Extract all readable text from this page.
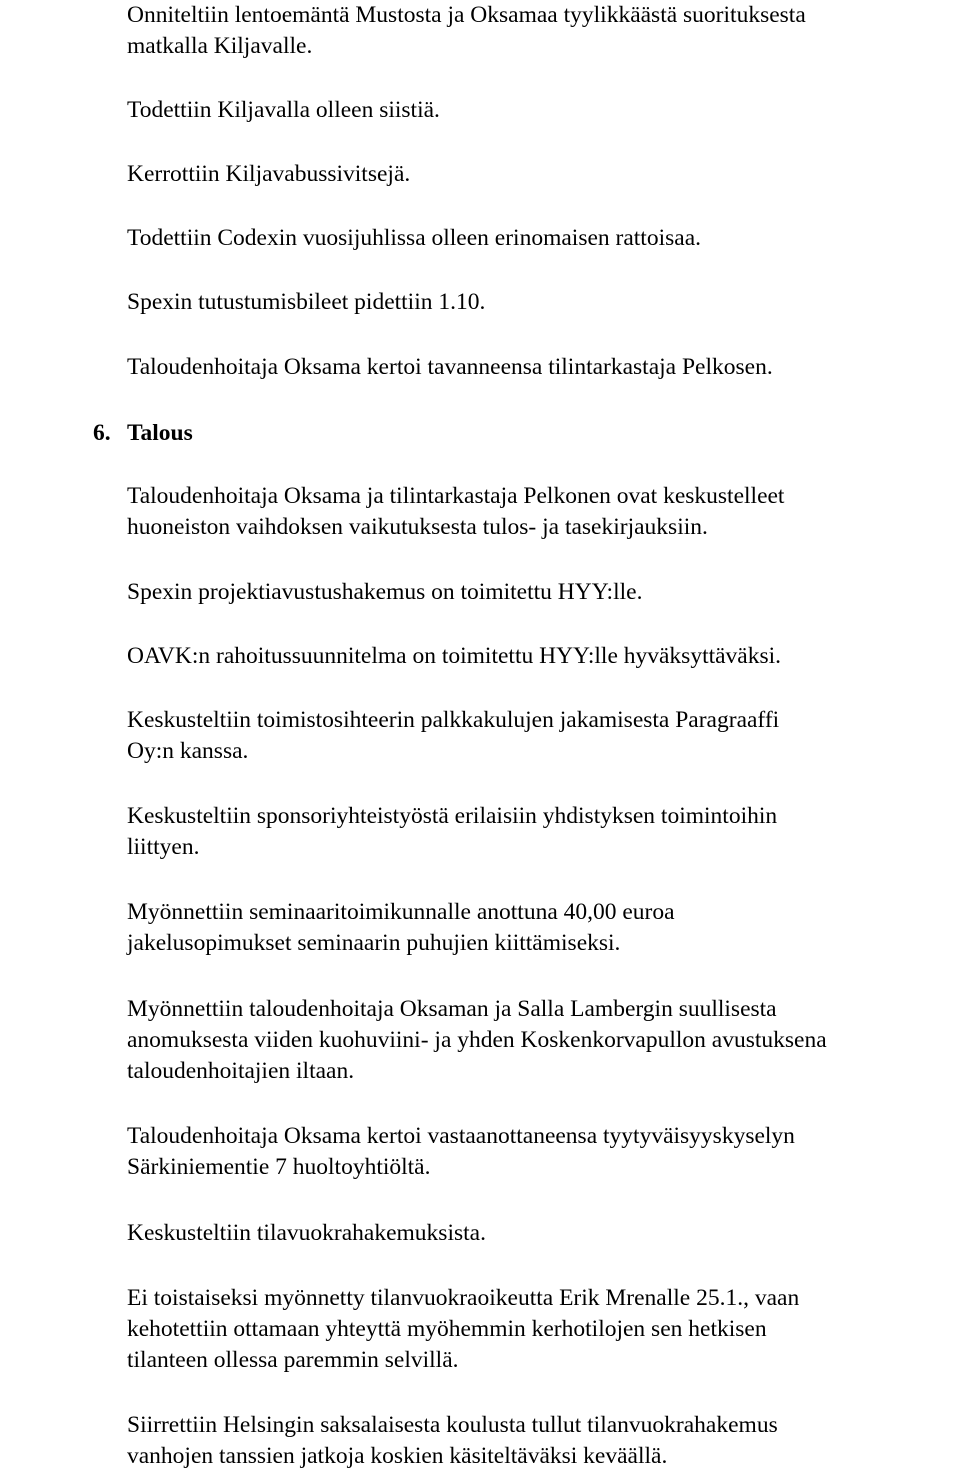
Onniteltiin lentoemäntä Mustosta ja Oksamaa tyylikkäästä suorituksesta
matkalla Kiljavalle.

Todettiin Kiljavalla olleen siistiä.

Kerrottiin Kiljavabussivitsejä.

Todettiin Codexin vuosijuhlissa olleen erinomaisen rattoisaa.

Spexin tutustumisbileet pidettiin 1.10.

Taloudenhoitaja Oksama kertoi tavanneensa tilintarkastaja Pelkosen.

6. Talous

Taloudenhoitaja Oksama ja tilintarkastaja Pelkonen ovat keskustelleet
huoneiston vaihdoksen vaikutuksesta tulos- ja tasekirjauksiin.

Spexin projektiavustushakemus on toimitettu HYY:lle.

OAVK:n rahoitussuunnitelma on toimitettu HYY:lle hyväksyttäväksi.

Keskusteltiin toimistosihteerin palkkakulujen jakamisesta Paragraaffi
Oy:n kanssa.

Keskusteltiin sponsoriyhteistyöstä erilaisiin yhdistyksen toimintoihin
liittyen.

Myönnettiin seminaaritoimikunnalle anottuna 40,00 euroa
jakelusopimukset seminaarin puhujien kiittämiseksi.

Myönnettiin taloudenhoitaja Oksaman ja Salla Lambergin suullisesta
anomuksesta viiden kuohuviini- ja yhden Koskenkorvapullon avustuksena
taloudenhoitajien iltaan.

Taloudenhoitaja Oksama kertoi vastaanottaneensa tyytyväisyyskyselyn
Särkiniementie 7 huoltoyhtiöltä.

Keskusteltiin tilavuokrahakemuksista.

Ei toistaiseksi myönnetty tilanvuokraoikeutta Erik Mrenalle 25.1., vaan
kehotettiin ottamaan yhteyttä myöhemmin kerhotilojen sen hetkisen
tilanteen ollessa paremmin selvillä.

Siirrettiin Helsingin saksalaisesta koulusta tullut tilanvuokrahakemus
vanhojen tanssien jatkoja koskien käsiteltäväksi keväällä.
